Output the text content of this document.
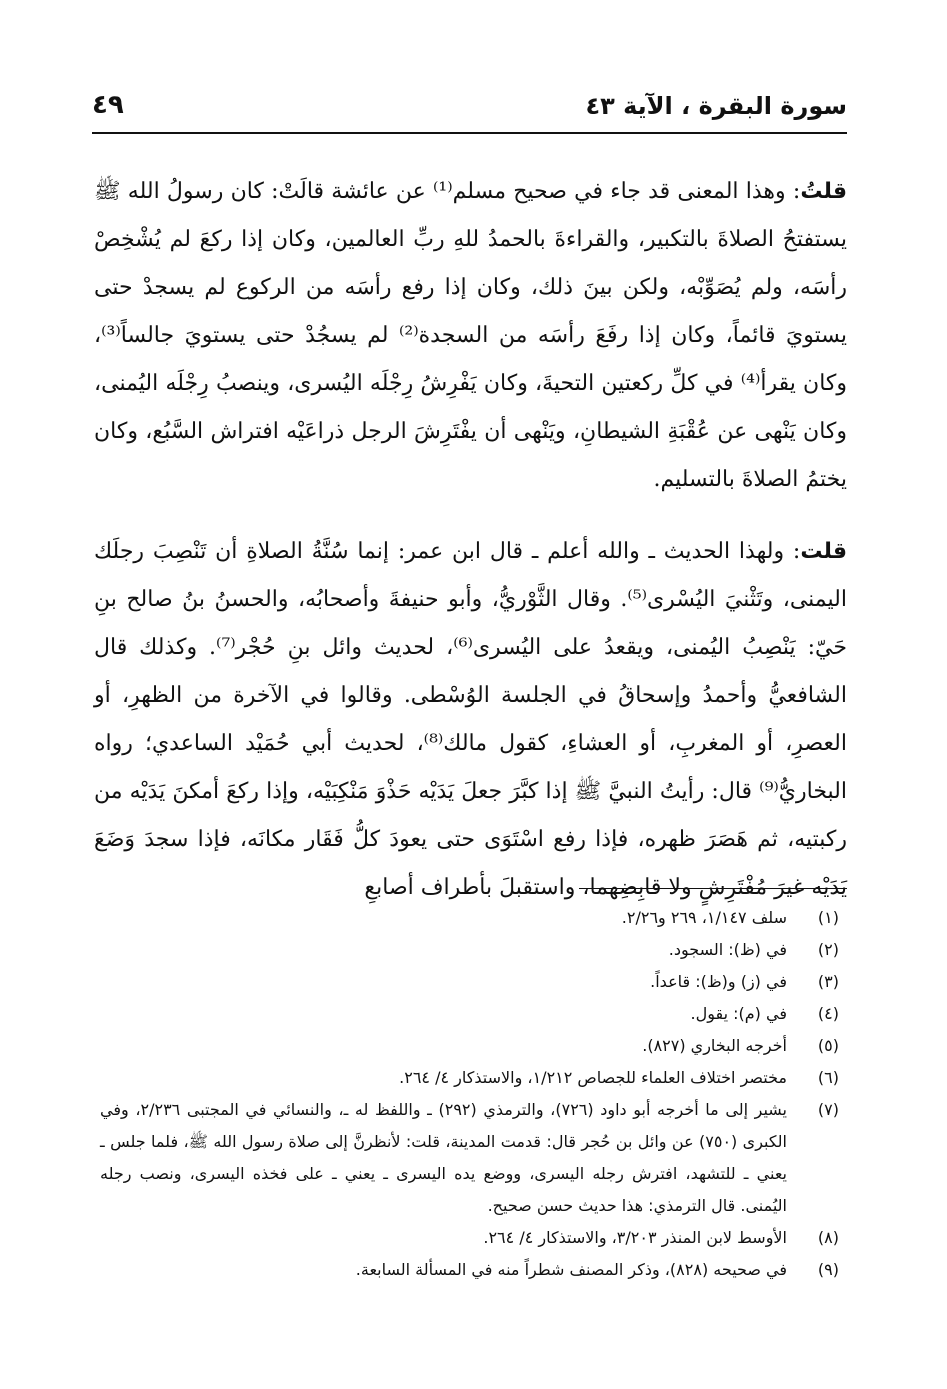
سورة البقرة ، الآية ٤٣
٤٩

قلتُ: وهذا المعنى قد جاء في صحيح مسلم⁽¹⁾ عن عائشة قالَتْ: كان رسولُ الله ﷺ يستفتحُ الصلاةَ بالتكبير، والقراءةَ بالحمدُ للهِ ربِّ العالمين، وكان إذا ركعَ لم يُشْخِصْ رأسَه، ولم يُصَوِّبْه، ولكن بينَ ذلك، وكان إذا رفع رأسَه من الركوع لم يسجدْ حتى يستويَ قائماً، وكان إذا رفَعَ رأسَه من السجدة⁽²⁾ لم يسجُدْ حتى يستويَ جالساً⁽³⁾، وكان يقرأ⁽⁴⁾ في كلِّ ركعتين التحيةَ، وكان يَفْرِشُ رِجْلَه اليُسرى، وينصبُ رِجْلَه اليُمنى، وكان يَنْهى عن عُقْبَةِ الشيطانِ، ويَنْهى أن يفْتَرِشَ الرجل ذراعَيْه افتراش السَّبُع، وكان يختمُ الصلاةَ بالتسليم.

قلت: ولهذا الحديث ـ والله أعلم ـ قال ابن عمر: إنما سُنَّةُ الصلاةِ أن تَنْصِبَ رجلَك اليمنى، وتَثْنيَ اليُسْرى⁽⁵⁾. وقال الثَّوْريُّ، وأبو حنيفةَ وأصحابُه، والحسنُ بنُ صالح بنِ حَيّ: يَنْصِبُ اليُمنى، ويقعدُ على اليُسرى⁽⁶⁾، لحديث وائل بنِ حُجْر⁽⁷⁾. وكذلك قال الشافعيُّ وأحمدُ وإسحاقُ في الجلسة الوُسْطى. وقالوا في الآخرة من الظهرِ، أو العصرِ، أو المغربِ، أو العشاءِ، كقول مالك⁽⁸⁾، لحديث أبي حُمَيْد الساعدي؛ رواه البخاريُّ⁽⁹⁾ قال: رأيتُ النبيَّ ﷺ إذا كبَّرَ جعلَ يَدَيْه حَذْوَ مَنْكِبَيْه، وإذا ركعَ أمكنَ يَدَيْه من ركبتيه، ثم هَصَرَ ظهره، فإذا رفع اسْتَوَى حتى يعودَ كلُّ فَقَار مكانَه، فإذا سجدَ وَضَعَ يَدَيْه غيرَ مُفْتَرِشٍ ولا قابِضِهما، واستقبلَ بأطراف أصابعِ

(١)
سلف ١/١٤٧، ٢٦٩ و٢/٢٦.
(٢)
في (ظ): السجود.
(٣)
في (ز) و(ظ): قاعداً.
(٤)
في (م): يقول.
(٥)
أخرجه البخاري (٨٢٧).
(٦)
مختصر اختلاف العلماء للجصاص ١/٢١٢، والاستذكار ٤/ ٢٦٤.
(٧)
يشير إلى ما أخرجه أبو داود (٧٢٦)، والترمذي (٢٩٢) ـ واللفظ له ـ، والنسائي في المجتبى ٢/٢٣٦، وفي الكبرى (٧٥٠) عن وائل بن حُجر قال: قدمت المدينة، قلت: لأنظرنَّ إلى صلاة رسول الله ﷺ، فلما جلس ـ يعني ـ للتشهد، افترش رجله اليسرى، ووضع يده اليسرى ـ يعني ـ على فخذه اليسرى، ونصب رجله اليُمنى. قال الترمذي: هذا حديث حسن صحيح.
(٨)
الأوسط لابن المنذر ٣/٢٠٣، والاستذكار ٤/ ٢٦٤.
(٩)
في صحيحه (٨٢٨)، وذكر المصنف شطراً منه في المسألة السابعة.
